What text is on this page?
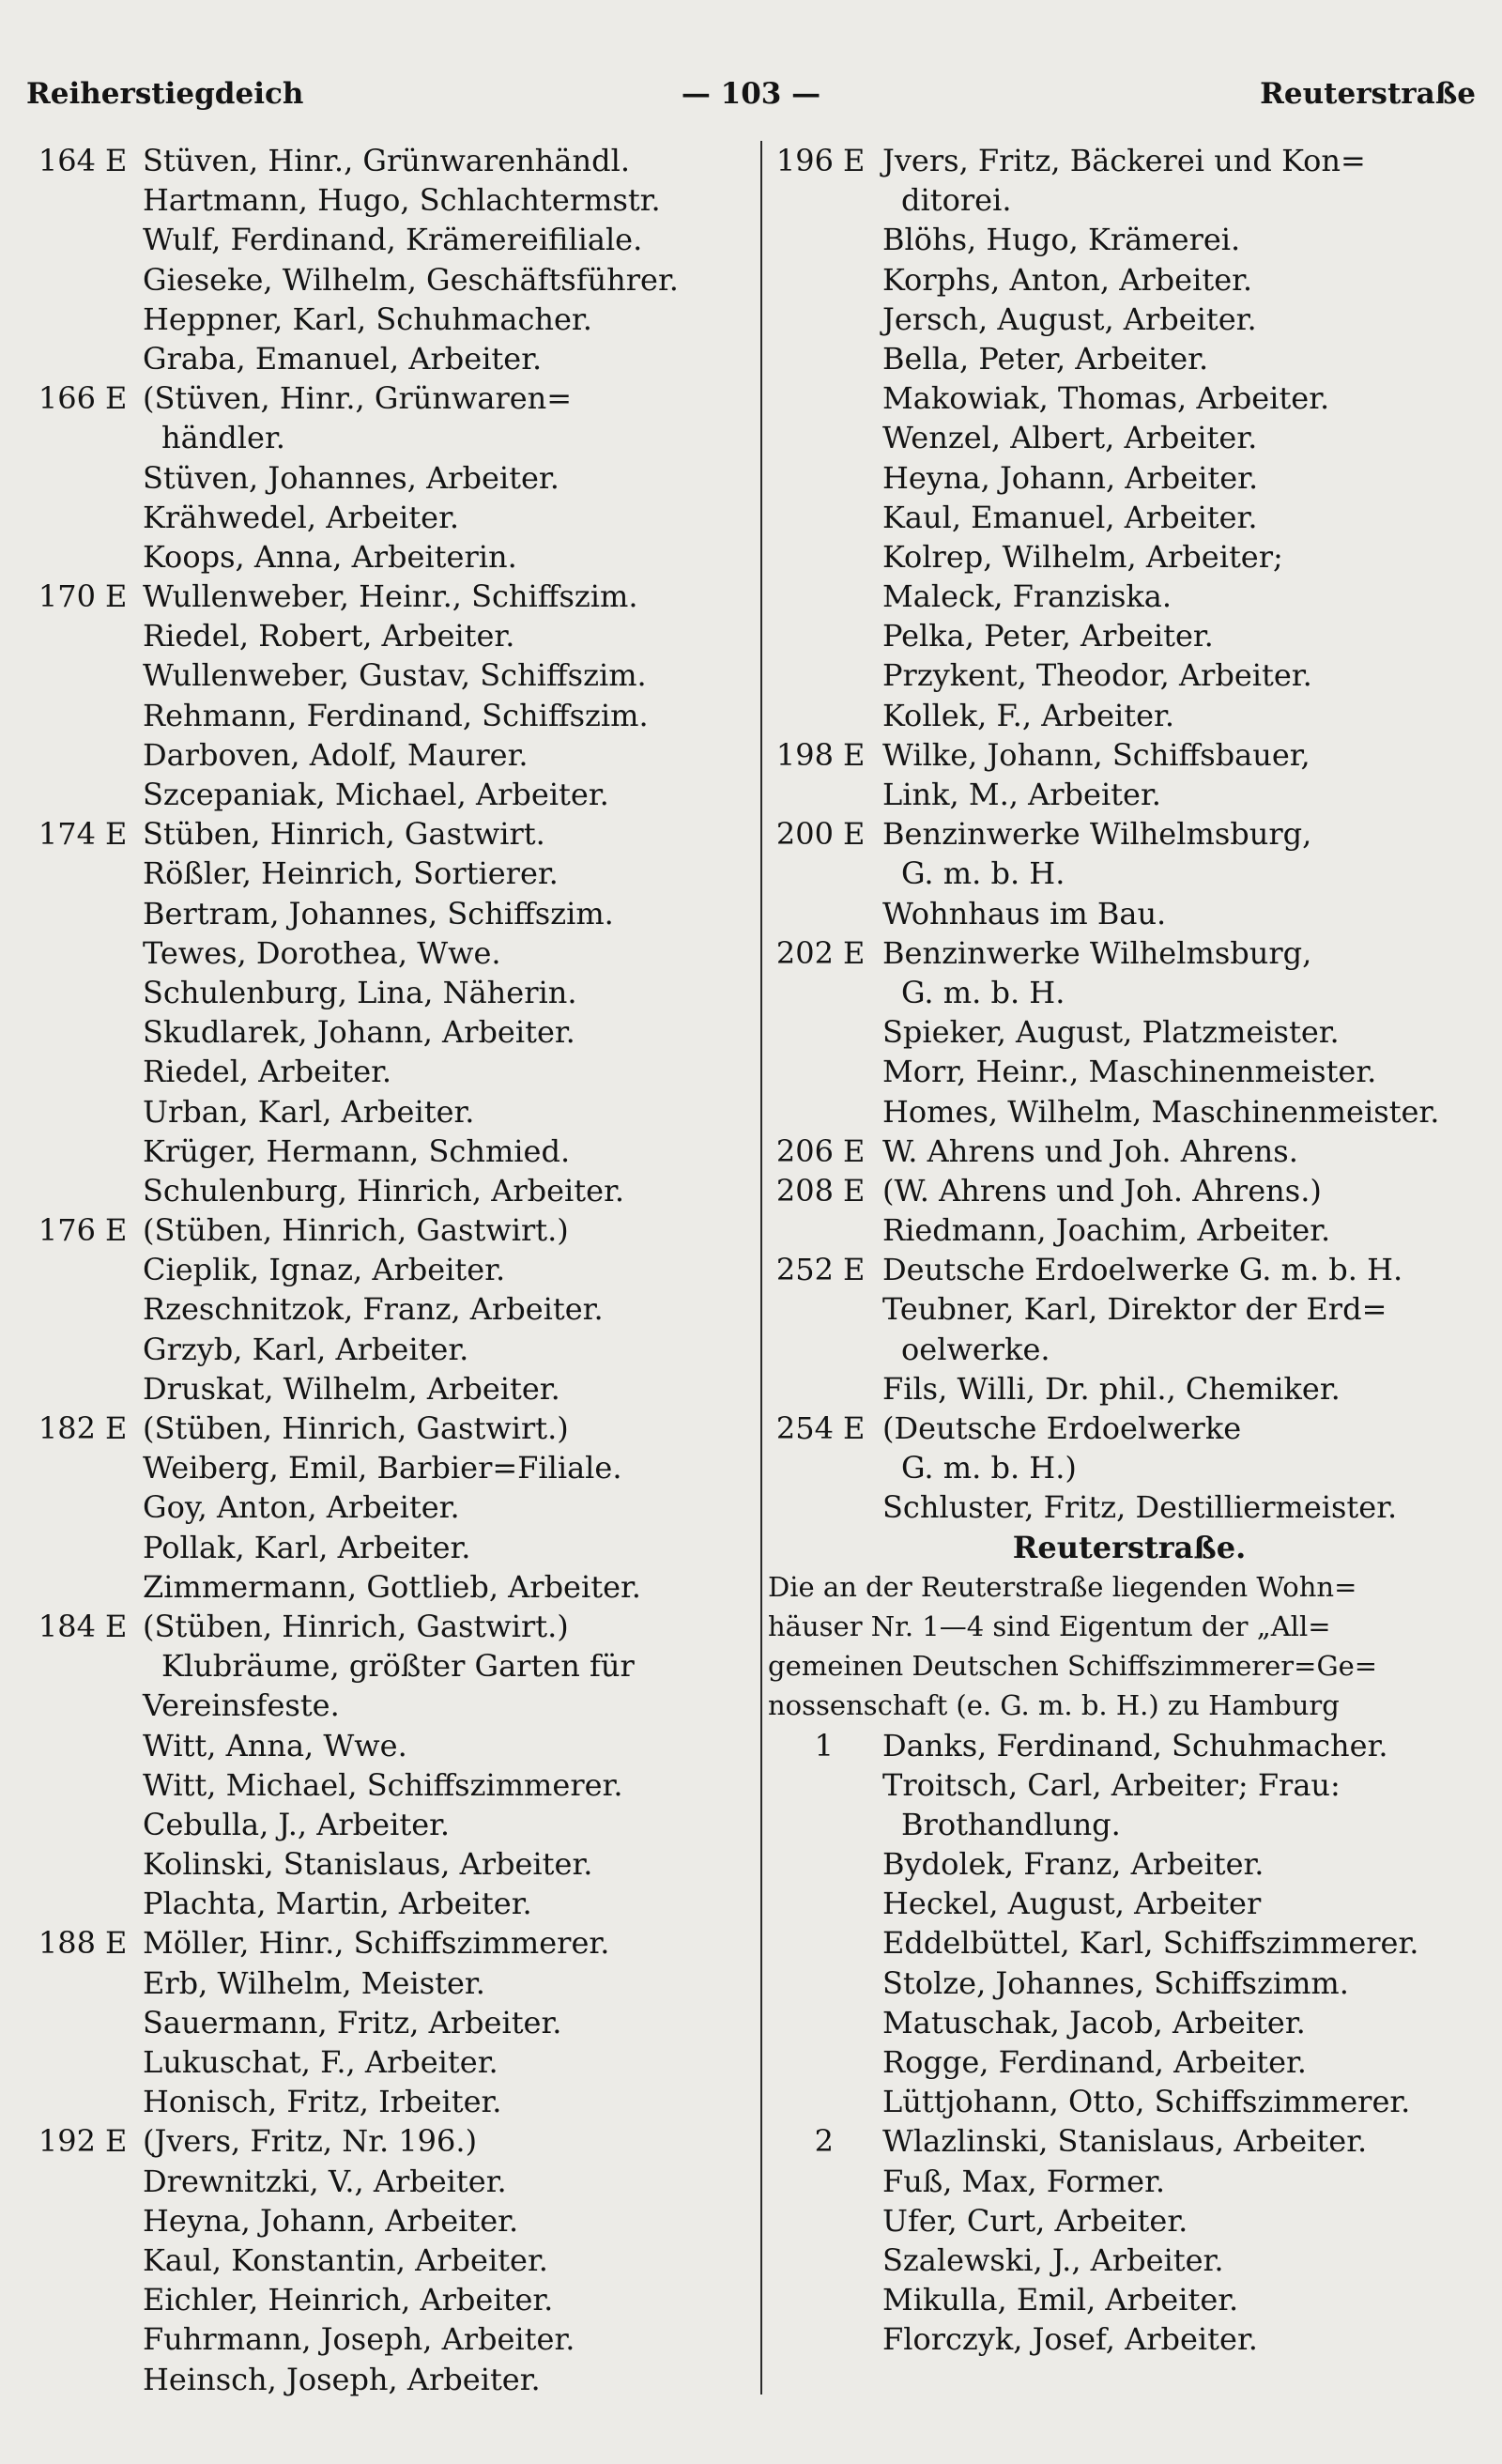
Reiherstiegdeich	— 103 —	Reuterstraße
164 E Stüven, Hinr., Grünwarenhändl.
Hartmann, Hugo, Schlachtermstr.
Wulf, Ferdinand, Krämereifiliale.
Gieseke, Wilhelm, Geschäftsführer.
Heppner, Karl, Schuhmacher.
Graba, Emanuel, Arbeiter.
166 E (Stüven, Hinr., Grünwaren=
händler.
Stüven, Johannes, Arbeiter.
Krähwedel, Arbeiter.
Koops, Anna, Arbeiterin.
170 E Wullenweber, Heinr., Schiffszim.
Riedel, Robert, Arbeiter.
Wullenweber, Gustav, Schiffszim.
Rehmann, Ferdinand, Schiffszim.
Darboven, Adolf, Maurer.
Szcepaniak, Michael, Arbeiter.
174 E Stüben, Hinrich, Gastwirt.
Rößler, Heinrich, Sortierer.
Bertram, Johannes, Schiffszim.
Tewes, Dorothea, Wwe.
Schulenburg, Lina, Näherin.
Skudlarek, Johann, Arbeiter.
Riedel, Arbeiter.
Urban, Karl, Arbeiter.
Krüger, Hermann, Schmied.
Schulenburg, Hinrich, Arbeiter.
176 E (Stüben, Hinrich, Gastwirt.)
Cieplik, Ignaz, Arbeiter.
Rzeschnitzok, Franz, Arbeiter.
Grzyb, Karl, Arbeiter.
Druskat, Wilhelm, Arbeiter.
182 E (Stüben, Hinrich, Gastwirt.)
Weiberg, Emil, Barbier=Filiale.
Goy, Anton, Arbeiter.
Pollak, Karl, Arbeiter.
Zimmermann, Gottlieb, Arbeiter.
184 E (Stüben, Hinrich, Gastwirt.)
Klubräume, größter Garten für
Vereinsfeste.
Witt, Anna, Wwe.
Witt, Michael, Schiffszimmerer.
Cebulla, J., Arbeiter.
Kolinski, Stanislaus, Arbeiter.
Plachta, Martin, Arbeiter.
188 E Möller, Hinr., Schiffszimmerer.
Erb, Wilhelm, Meister.
Sauermann, Fritz, Arbeiter.
Lukuschat, F., Arbeiter.
Honisch, Fritz, Irbeiter.
192 E (Jvers, Fritz, Nr. 196.)
Drewnitzki, V., Arbeiter.
Heyna, Johann, Arbeiter.
Kaul, Konstantin, Arbeiter.
Eichler, Heinrich, Arbeiter.
Fuhrmann, Joseph, Arbeiter.
Heinsch, Joseph, Arbeiter.
196 E Jvers, Fritz, Bäckerei und Kon=
ditorei.
Blöhs, Hugo, Krämerei.
Korphs, Anton, Arbeiter.
Jersch, August, Arbeiter.
Bella, Peter, Arbeiter.
Makowiak, Thomas, Arbeiter.
Wenzel, Albert, Arbeiter.
Heyna, Johann, Arbeiter.
Kaul, Emanuel, Arbeiter.
Kolrep, Wilhelm, Arbeiter;
Maleck, Franziska.
Pelka, Peter, Arbeiter.
Przykent, Theodor, Arbeiter.
Kollek, F., Arbeiter.
198 E Wilke, Johann, Schiffsbauer,
Link, M., Arbeiter.
200 E Benzinwerke Wilhelmsburg,
G. m. b. H.
Wohnhaus im Bau.
202 E Benzinwerke Wilhelmsburg,
G. m. b. H.
Spieker, August, Platzmeister.
Morr, Heinr., Maschinenmeister.
Homes, Wilhelm, Maschinenmeister.
206 E W. Ahrens und Joh. Ahrens.
208 E (W. Ahrens und Joh. Ahrens.)
Riedmann, Joachim, Arbeiter.
252 E Deutsche Erdoelwerke G. m. b. H.
Teubner, Karl, Direktor der Erd=
oelwerke.
Fils, Willi, Dr. phil., Chemiker.
254 E (Deutsche Erdoelwerke
G. m. b. H.)
Schluster, Fritz, Destilliermeister.
Reuterstraße.
Die an der Reuterstraße liegenden Wohn=
häuser Nr. 1—4 sind Eigentum der „All=
gemeinen Deutschen Schiffszimmerer=Ge=
nossenschaft (e. G. m. b. H.) zu Hamburg
1 Danks, Ferdinand, Schuhmacher.
Troitsch, Carl, Arbeiter; Frau:
Brothandlung.
Bydolek, Franz, Arbeiter.
Heckel, August, Arbeiter
Eddelbüttel, Karl, Schiffszimmerer.
Stolze, Johannes, Schiffszimm.
Matuschak, Jacob, Arbeiter.
Rogge, Ferdinand, Arbeiter.
Lüttjohann, Otto, Schiffszimmerer.
2 Wlazlinski, Stanislaus, Arbeiter.
Fuß, Max, Former.
Ufer, Curt, Arbeiter.
Szalewski, J., Arbeiter.
Mikulla, Emil, Arbeiter.
Florczyk, Josef, Arbeiter.
